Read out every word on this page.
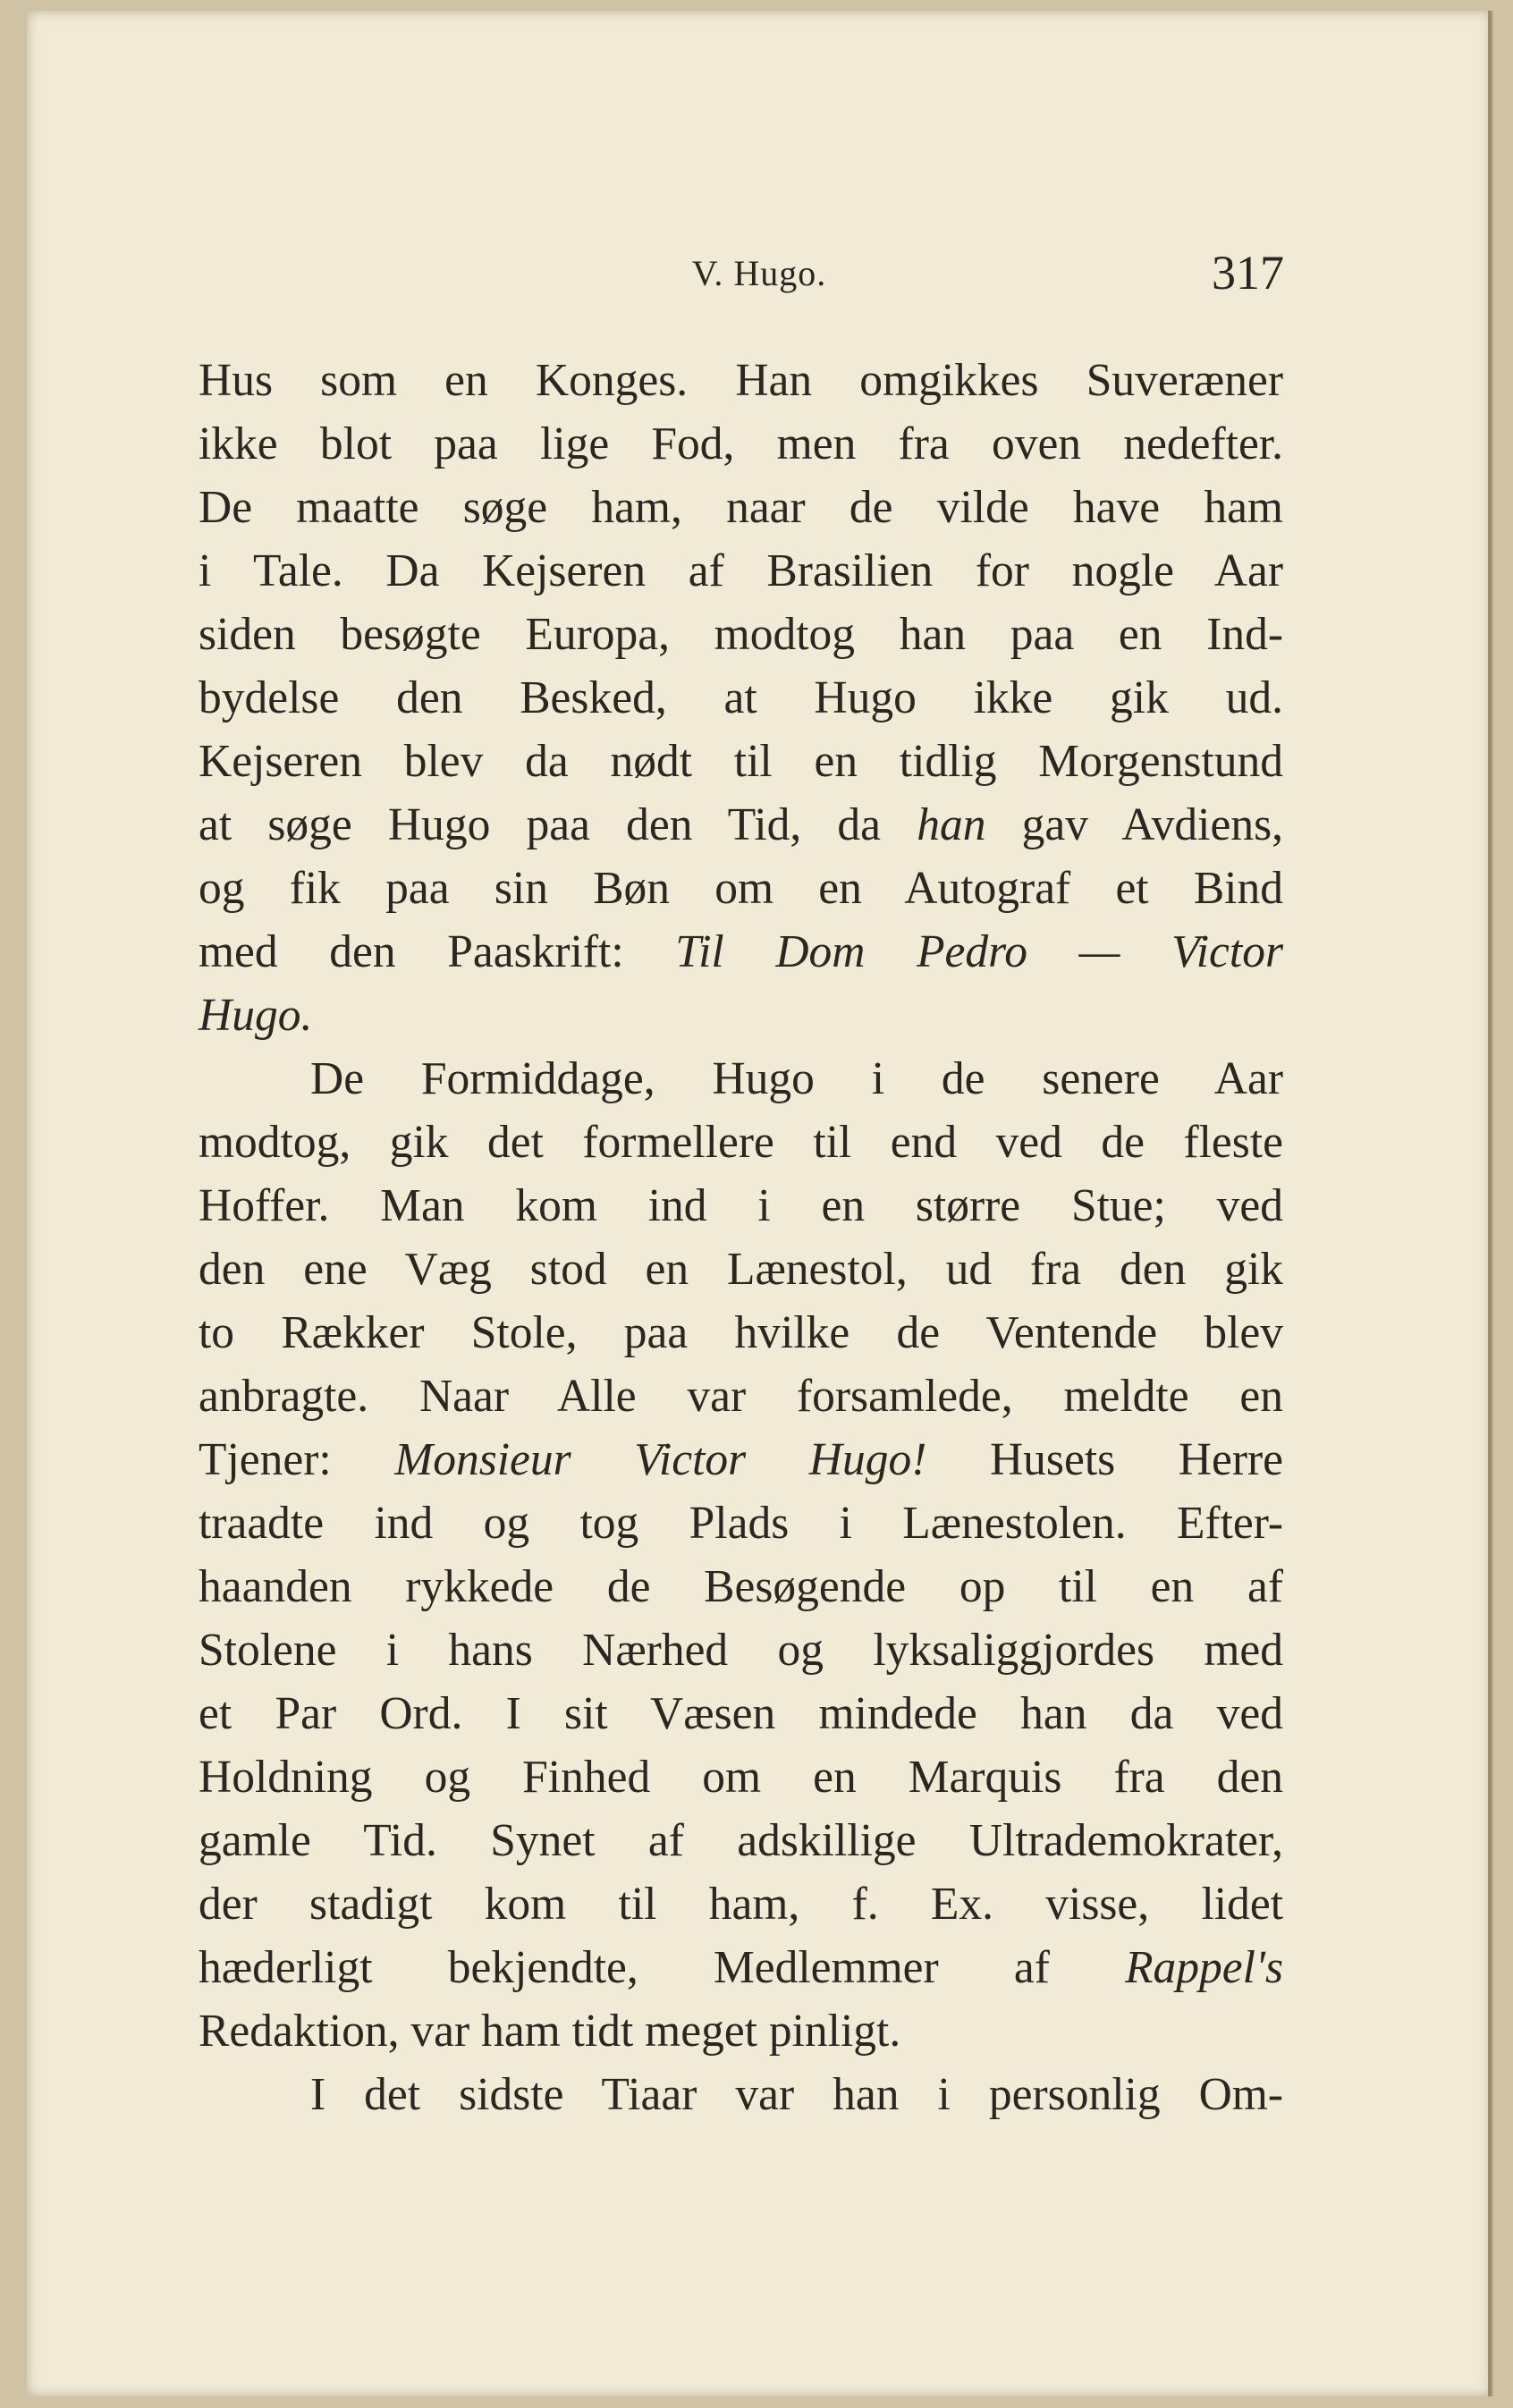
V. Hugo.	317
Hus som en Konges. Han omgikkes Suveræner
ikke blot paa lige Fod, men fra oven nedefter.
De maatte søge ham, naar de vilde have ham
i Tale. Da Kejseren af Brasilien for nogle Aar
siden besøgte Europa, modtog han paa en Ind-
bydelse den Besked, at Hugo ikke gik ud.
Kejseren blev da nødt til en tidlig Morgenstund
at søge Hugo paa den Tid, da han gav Avdiens,
og fik paa sin Bøn om en Autograf et Bind
med den Paaskrift: Til Dom Pedro — Victor
Hugo.
De Formiddage, Hugo i de senere Aar
modtog, gik det formellere til end ved de fleste
Hoffer. Man kom ind i en større Stue; ved
den ene Væg stod en Lænestol, ud fra den gik
to Rækker Stole, paa hvilke de Ventende blev
anbragte. Naar Alle var forsamlede, meldte en
Tjener: Monsieur Victor Hugo! Husets Herre
traadte ind og tog Plads i Lænestolen. Efter-
haanden rykkede de Besøgende op til en af
Stolene i hans Nærhed og lyksaliggjordes med
et Par Ord. I sit Væsen mindede han da ved
Holdning og Finhed om en Marquis fra den
gamle Tid. Synet af adskillige Ultrademokrater,
der stadigt kom til ham, f. Ex. visse, lidet
hæderligt bekjendte, Medlemmer af Rappel's
Redaktion, var ham tidt meget pinligt.
I det sidste Tiaar var han i personlig Om-
